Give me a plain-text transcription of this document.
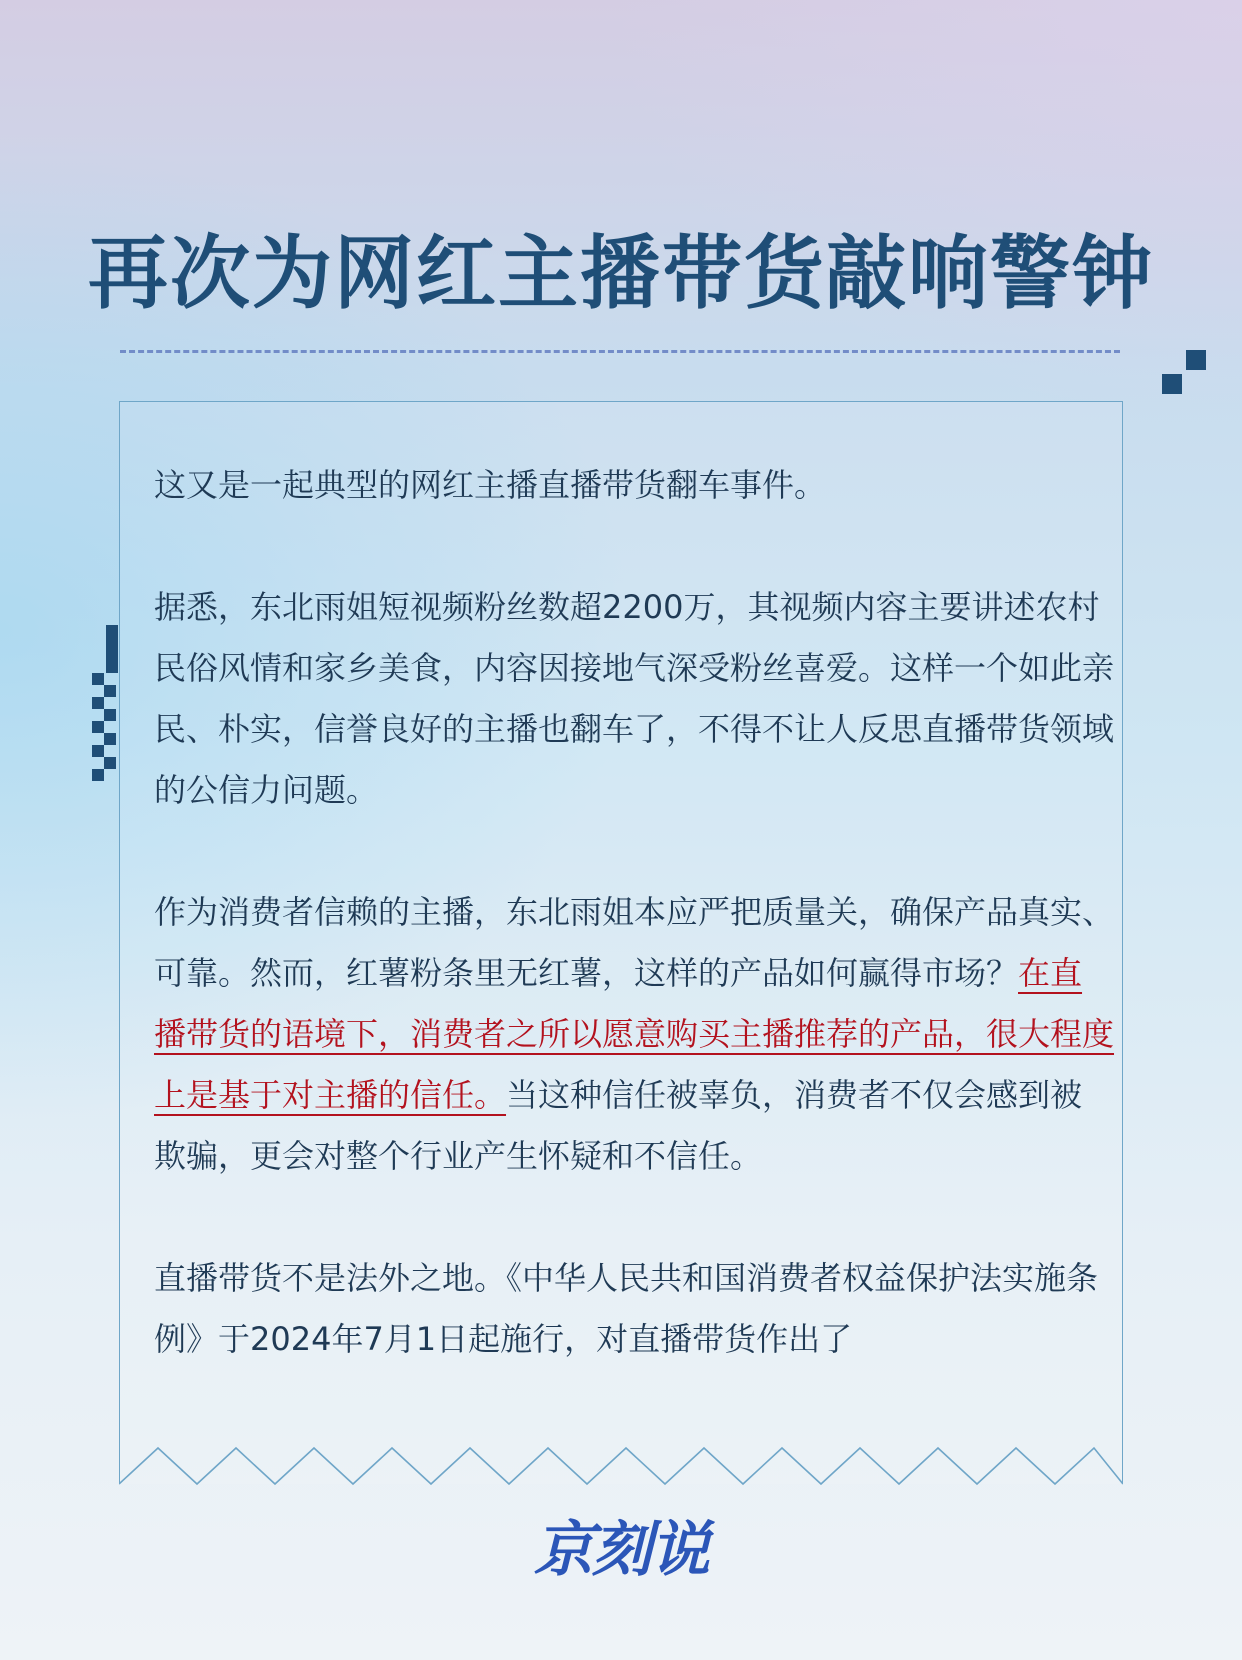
再次为网红主播带货敲响警钟

这又是一起典型的网红主播直播带货翻车事件。

据悉，东北雨姐短视频粉丝数超2200万，其视频内容主要讲述农村民俗风情和家乡美食，内容因接地气深受粉丝喜爱。这样一个如此亲民、朴实，信誉良好的主播也翻车了，不得不让人反思直播带货领域的公信力问题。

作为消费者信赖的主播，东北雨姐本应严把质量关，确保产品真实、可靠。然而，红薯粉条里无红薯，这样的产品如何赢得市场？在直播带货的语境下，消费者之所以愿意购买主播推荐的产品，很大程度上是基于对主播的信任。当这种信任被辜负，消费者不仅会感到被欺骗，更会对整个行业产生怀疑和不信任。

直播带货不是法外之地。《中华人民共和国消费者权益保护法实施条例》于2024年7月1日起施行，对直播带货作出了

京刻说
